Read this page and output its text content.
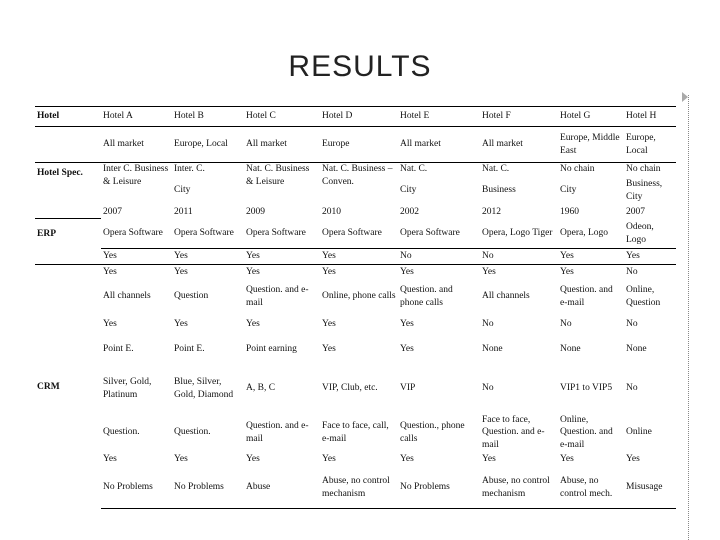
RESULTS
Hotel	Hotel A	Hotel B	Hotel C	Hotel D	Hotel E	Hotel F	Hotel G	Hotel H
	All market	Europe, Local	All market	Europe	All market	All market	Europe, Middle East	Europe, Local
Hotel Spec.	Inter C. Business & Leisure	Inter. C.	Nat. C. Business & Leisure	Nat. C. Business – Conven.	Nat. C.	Nat. C.	No chain	No chain
		City			City	Business	City	Business, City
	2007	2011	2009	2010	2002	2012	1960	2007
ERP	Opera Software	Opera Software	Opera Software	Opera Software	Opera Software	Opera, Logo Tiger	Opera, Logo	Odeon, Logo
	Yes	Yes	Yes	Yes	No	No	Yes	Yes
CRM	Yes	Yes	Yes	Yes	Yes	Yes	Yes	No
	All channels	Question	Question. and e-mail	Online, phone calls	Question. and phone calls	All channels	Question. and e-mail	Online, Question
	Yes	Yes	Yes	Yes	Yes	No	No	No
	Point E.	Point E.	Point earning	Yes	Yes	None	None	None
	Silver, Gold, Platinum	Blue, Silver, Gold, Diamond	A, B, C	VIP, Club, etc.	VIP	No	VIP1 to VIP5	No
	Question.	Question.	Question. and e-mail	Face to face, call, e-mail	Question., phone calls	Face to face, Question. and e-mail	Online, Question. and e-mail	Online
	Yes	Yes	Yes	Yes	Yes	Yes	Yes	Yes
	No Problems	No Problems	Abuse	Abuse, no control mechanism	No Problems	Abuse, no control mechanism	Abuse, no control mech.	Misusage
